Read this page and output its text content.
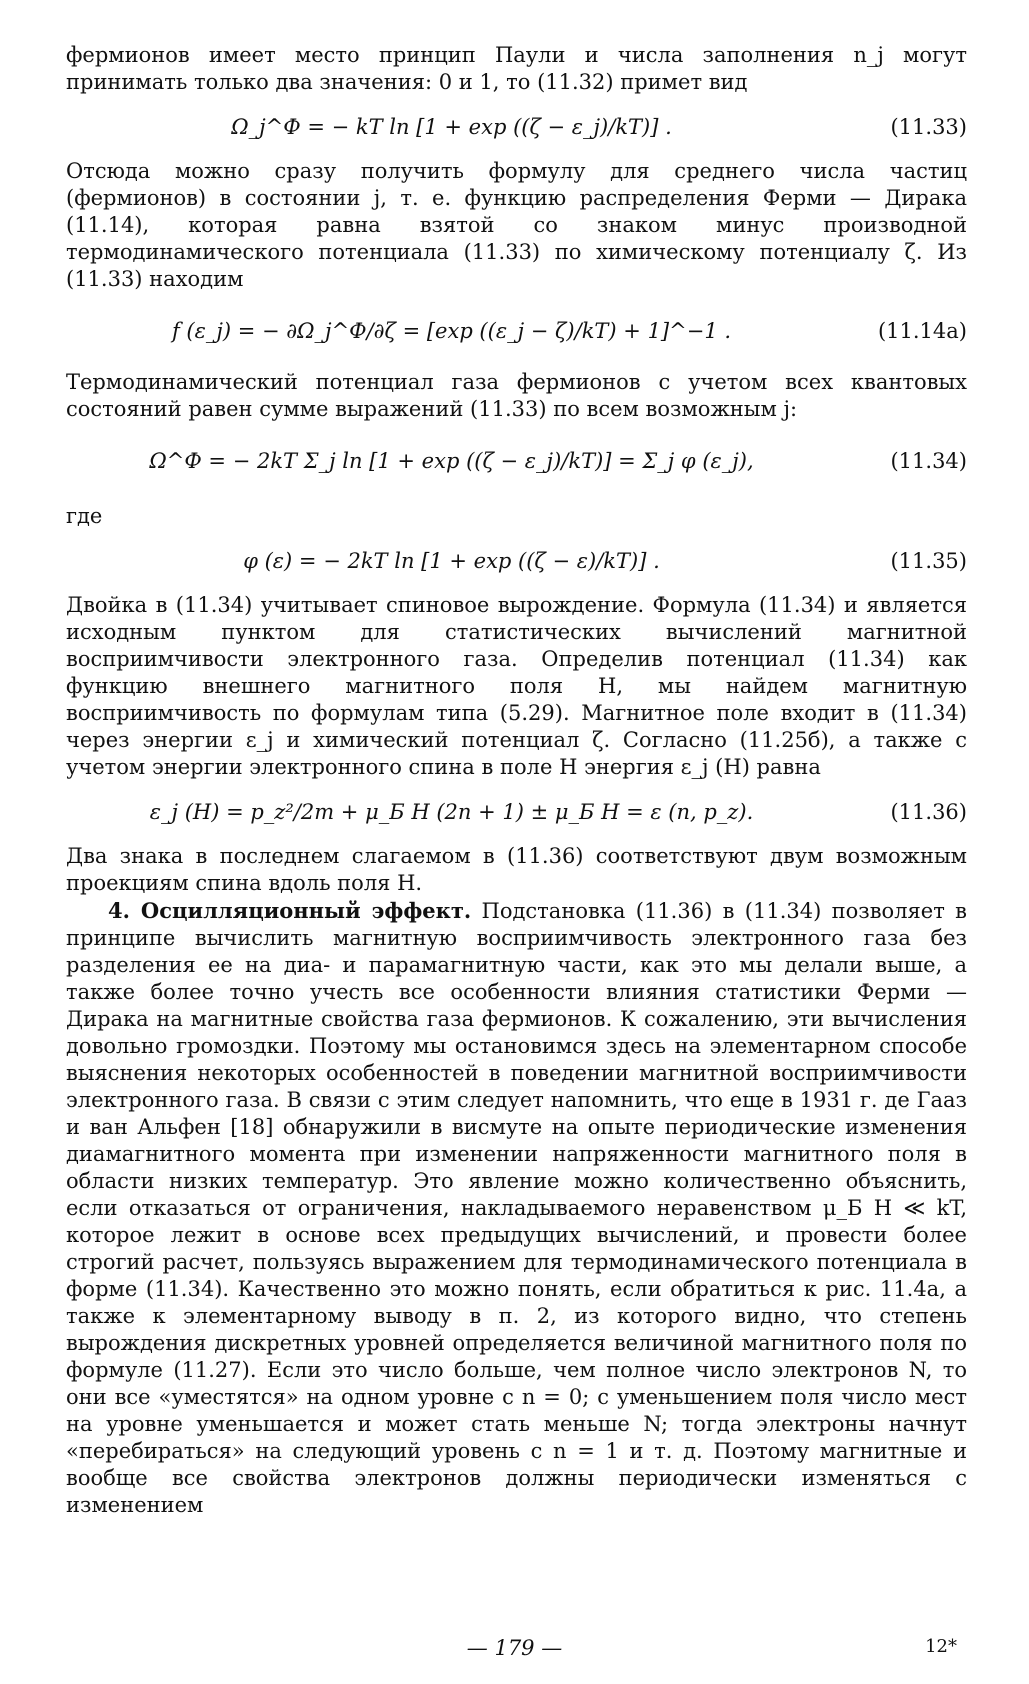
фермионов имеет место принцип Паули и числа заполнения n_j могут принимать только два значения: 0 и 1, то (11.32) примет вид

Ω_j^Ф = − kT ln [1 + exp ((ζ − ε_j)/kT)] .	(11.33)

Отсюда можно сразу получить формулу для среднего числа частиц (фермионов) в состоянии j, т. е. функцию распределения Ферми — Дирака (11.14), которая равна взятой со знаком минус производной термодинамического потенциала (11.33) по химическому потенциалу ζ. Из (11.33) находим

f (ε_j) = − ∂Ω_j^Ф/∂ζ = [exp ((ε_j − ζ)/kT) + 1]^−1 .	(11.14а)

Термодинамический потенциал газа фермионов с учетом всех квантовых состояний равен сумме выражений (11.33) по всем возможным j:

Ω^Ф = − 2kT Σ_j ln [1 + exp ((ζ − ε_j)/kT)] = Σ_j φ (ε_j),	(11.34)

где

φ (ε) = − 2kT ln [1 + exp ((ζ − ε)/kT)] .	(11.35)

Двойка в (11.34) учитывает спиновое вырождение. Формула (11.34) и является исходным пунктом для статистических вычислений магнитной восприимчивости электронного газа. Определив потенциал (11.34) как функцию внешнего магнитного поля H, мы найдем магнитную восприимчивость по формулам типа (5.29). Магнитное поле входит в (11.34) через энергии ε_j и химический потенциал ζ. Согласно (11.25б), а также с учетом энергии электронного спина в поле H энергия ε_j (H) равна

ε_j (H) = p_z²/2m + μ_Б H (2n + 1) ± μ_Б H = ε (n, p_z).	(11.36)

Два знака в последнем слагаемом в (11.36) соответствуют двум возможным проекциям спина вдоль поля H.

4. Осцилляционный эффект. Подстановка (11.36) в (11.34) позволяет в принципе вычислить магнитную восприимчивость электронного газа без разделения ее на диа- и парамагнитную части, как это мы делали выше, а также более точно учесть все особенности влияния статистики Ферми — Дирака на магнитные свойства газа фермионов. К сожалению, эти вычисления довольно громоздки. Поэтому мы остановимся здесь на элементарном способе выяснения некоторых особенностей в поведении магнитной восприимчивости электронного газа. В связи с этим следует напомнить, что еще в 1931 г. де Гааз и ван Альфен [18] обнаружили в висмуте на опыте периодические изменения диамагнитного момента при изменении напряженности магнитного поля в области низких температур. Это явление можно количественно объяснить, если отказаться от ограничения, накладываемого неравенством μ_Б H ≪ kT, которое лежит в основе всех предыдущих вычислений, и провести более строгий расчет, пользуясь выражением для термодинамического потенциала в форме (11.34). Качественно это можно понять, если обратиться к рис. 11.4а, а также к элементарному выводу в п. 2, из которого видно, что степень вырождения дискретных уровней определяется величиной магнитного поля по формуле (11.27). Если это число больше, чем полное число электронов N, то они все «уместятся» на одном уровне с n = 0; с уменьшением поля число мест на уровне уменьшается и может стать меньше N; тогда электроны начнут «перебираться» на следующий уровень с n = 1 и т. д. Поэтому магнитные и вообще все свойства электронов должны периодически изменяться с изменением

— 179 —	12*
